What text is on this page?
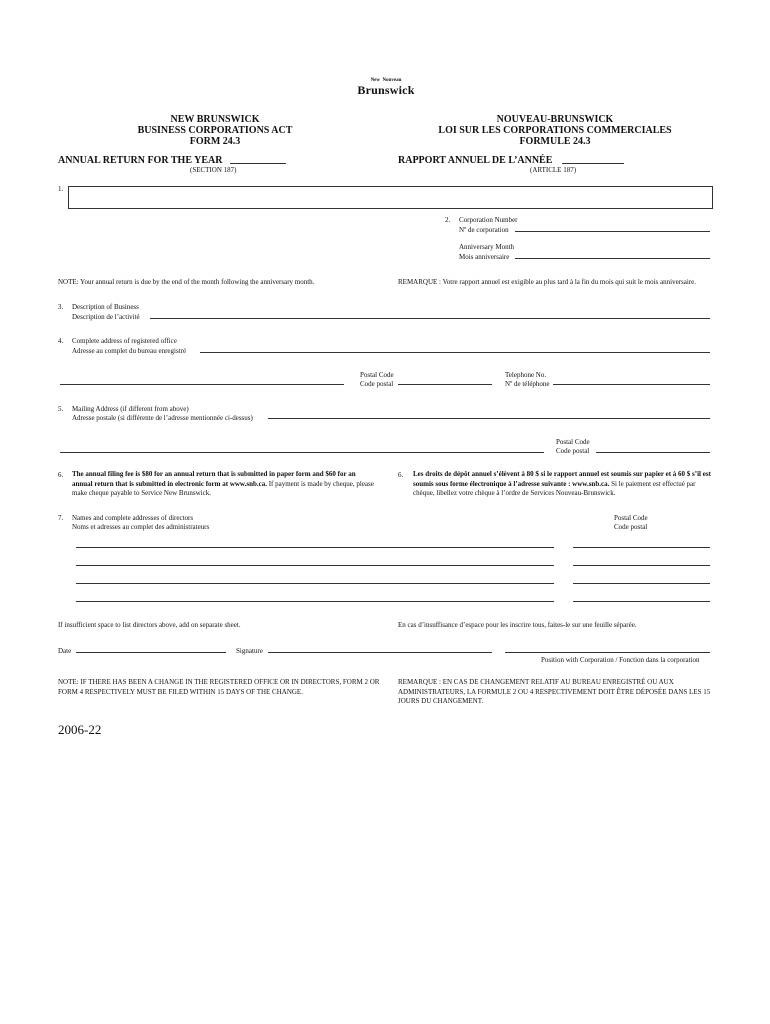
New Nouveau
Brunswick
NEW BRUNSWICK
BUSINESS CORPORATIONS ACT
FORM 24.3
NOUVEAU-BRUNSWICK
LOI SUR LES CORPORATIONS COMMERCIALES
FORMULE 24.3
ANNUAL RETURN FOR THE YEAR
(SECTION 187)
RAPPORT ANNUEL DE L’ANNÉE
(ARTICLE 187)
1.
2. Corporation Number
Nº de corporation
Anniversary Month
Mois anniversaire
NOTE: Your annual return is due by the end of the month following the anniversary month.	REMARQUE : Votre rapport annuel est exigible au plus tard à la fin du mois qui suit le mois anniversaire.
3. Description of Business
Description de l’activité
4. Complete address of registered office
Adresse au complet du bureau enregistré
Postal Code
Code postal
Telephone No.
Nº de téléphone
5. Mailing Address (if different from above)
Adresse postale (si différente de l’adresse mentionnée ci-dessus)
Postal Code
Code postal
6. The annual filing fee is $80 for an annual return that is submitted in paper form and $60 for an annual return that is submitted in electronic form at www.snb.ca. If payment is made by cheque, please make cheque payable to Service New Brunswick.
6. Les droits de dépôt annuel s’élèvent à 80 $ si le rapport annuel est soumis sur papier et à 60 $ s’il est soumis sous forme électronique à l’adresse suivante : www.snb.ca. Si le paiement est effectué par chèque, libellez votre chèque à l’ordre de Services Nouveau-Brunswick.
7. Names and complete addresses of directors
Noms et adresses au complet des administrateurs
Postal Code
Code postal
If insufficient space to list directors above, add on separate sheet.	En cas d’insuffisance d’espace pour les inscrire tous, faites-le sur une feuille séparée.
Date	Signature
Position with Corporation / Fonction dans la corporation
NOTE: IF THERE HAS BEEN A CHANGE IN THE REGISTERED OFFICE OR IN DIRECTORS, FORM 2 OR FORM 4 RESPECTIVELY MUST BE FILED WITHIN 15 DAYS OF THE CHANGE.
REMARQUE : EN CAS DE CHANGEMENT RELATIF AU BUREAU ENREGISTRÉ OU AUX ADMINISTRATEURS, LA FORMULE 2 OU 4 RESPECTIVEMENT DOIT ÊTRE DÉPOSÉE DANS LES 15 JOURS DU CHANGEMENT.
2006-22
